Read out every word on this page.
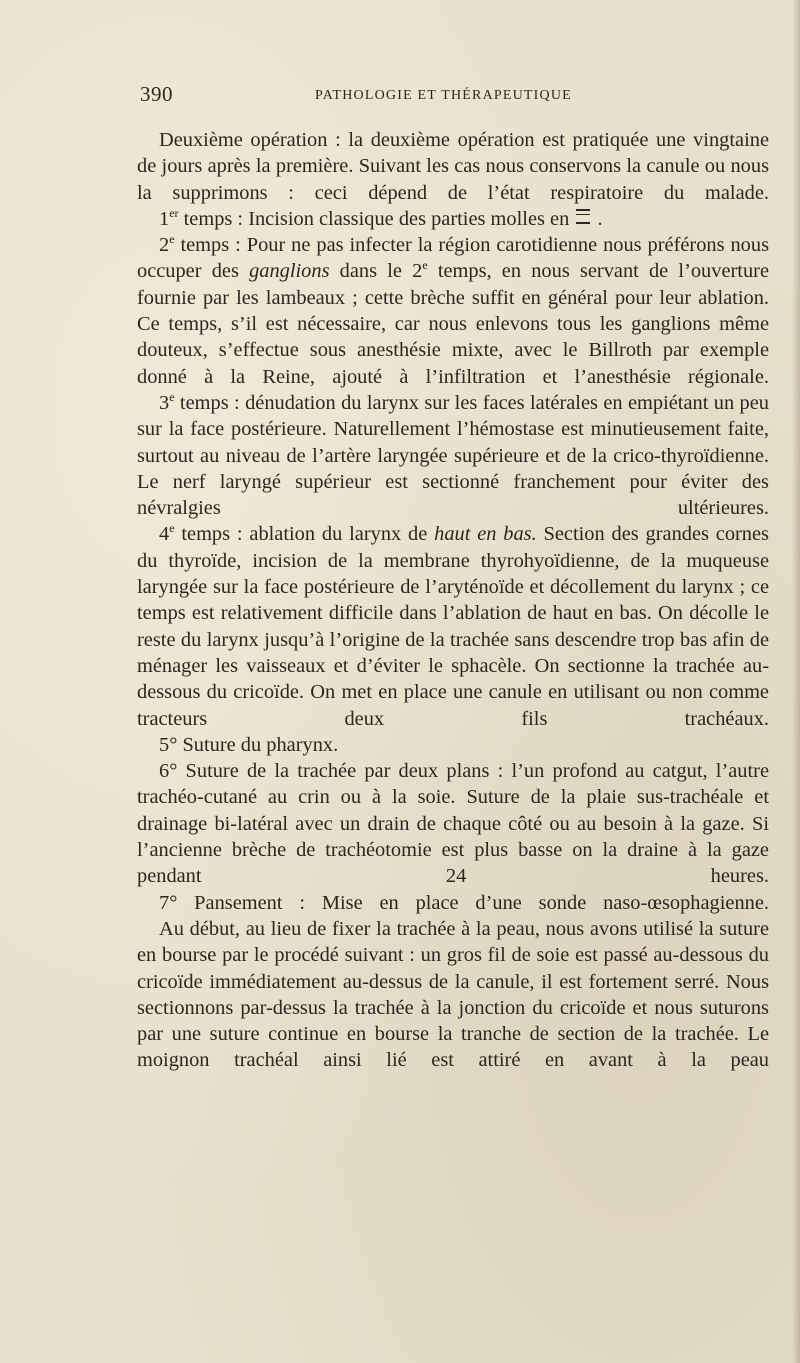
390	PATHOLOGIE ET THÉRAPEUTIQUE

Deuxième opération : la deuxième opération est pratiquée une vingtaine de jours après la première. Suivant les cas nous conservons la canule ou nous la supprimons : ceci dépend de l’état respiratoire du malade.

1er temps : Incision classique des parties molles en  .

2e temps : Pour ne pas infecter la région carotidienne nous préférons nous occuper des ganglions dans le 2e temps, en nous servant de l’ouverture fournie par les lambeaux ; cette brèche suffit en général pour leur ablation. Ce temps, s’il est nécessaire, car nous enlevons tous les ganglions même douteux, s’effectue sous anesthésie mixte, avec le Billroth par exemple donné à la Reine, ajouté à l’infiltration et l’anesthésie régionale.

3e temps : dénudation du larynx sur les faces latérales en empiétant un peu sur la face postérieure. Naturellement l’hémostase est minutieusement faite, surtout au niveau de l’artère laryngée supérieure et de la crico-thyroïdienne. Le nerf laryngé supérieur est sectionné franchement pour éviter des névralgies ultérieures.

4e temps : ablation du larynx de haut en bas. Section des grandes cornes du thyroïde, incision de la membrane thyrohyoïdienne, de la muqueuse laryngée sur la face postérieure de l’aryténoïde et décollement du larynx ; ce temps est relativement difficile dans l’ablation de haut en bas. On décolle le reste du larynx jusqu’à l’origine de la trachée sans descendre trop bas afin de ménager les vaisseaux et d’éviter le sphacèle. On sectionne la trachée au-dessous du cricoïde. On met en place une canule en utilisant ou non comme tracteurs deux fils trachéaux.

5° Suture du pharynx.

6° Suture de la trachée par deux plans : l’un profond au catgut, l’autre trachéo-cutané au crin ou à la soie. Suture de la plaie sus-trachéale et drainage bi-latéral avec un drain de chaque côté ou au besoin à la gaze. Si l’ancienne brèche de trachéotomie est plus basse on la draine à la gaze pendant 24 heures.

7° Pansement : Mise en place d’une sonde naso-œsophagienne.

Au début, au lieu de fixer la trachée à la peau, nous avons utilisé la suture en bourse par le procédé suivant : un gros fil de soie est passé au-dessous du cricoïde immédiatement au-dessus de la canule, il est fortement serré. Nous sectionnons par-dessus la trachée à la jonction du cricoïde et nous suturons par une suture continue en bourse la tranche de section de la trachée. Le moignon trachéal ainsi lié est attiré en avant à la peau
